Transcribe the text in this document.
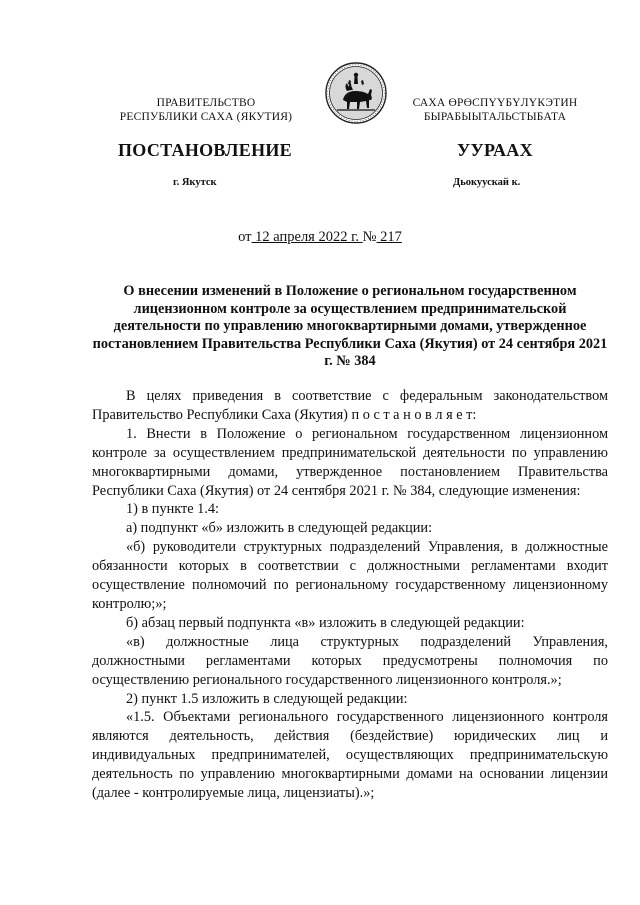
ПРАВИТЕЛЬСТВО
РЕСПУБЛИКИ САХА (ЯКУТИЯ)
САХА ӨРӨСПҮҮБҮЛҮКЭТИН
БЫРАБЫЫТАЛЬСТЫБАТА
ПОСТАНОВЛЕНИЕ	УУРААХ
г. Якутск	Дьокуускай к.
от 12 апреля 2022 г. № 217
О внесении изменений в Положение о региональном государственном лицензионном контроле за осуществлением предпринимательской деятельности по управлению многоквартирными домами, утвержденное постановлением Правительства Республики Саха (Якутия) от 24 сентября 2021 г. № 384

В целях приведения в соответствие с федеральным законодательством Правительство Республики Саха (Якутия) п о с т а н о в л я е т:

1. Внести в Положение о региональном государственном лицензионном контроле за осуществлением предпринимательской деятельности по управлению многоквартирными домами, утвержденное постановлением Правительства Республики Саха (Якутия) от 24 сентября 2021 г. № 384, следующие изменения:

1) в пункте 1.4:

а) подпункт «б» изложить в следующей редакции:

«б) руководители структурных подразделений Управления, в должностные обязанности которых в соответствии с должностными регламентами входит осуществление полномочий по региональному государственному лицензионному контролю;»;

б) абзац первый подпункта «в» изложить в следующей редакции:

«в) должностные лица структурных подразделений Управления, должностными регламентами которых предусмотрены полномочия по осуществлению регионального государственного лицензионного контроля.»;

2) пункт 1.5 изложить в следующей редакции:

«1.5. Объектами регионального государственного лицензионного контроля являются деятельность, действия (бездействие) юридических лиц и индивидуальных предпринимателей, осуществляющих предпринимательскую деятельность по управлению многоквартирными домами на основании лицензии (далее - контролируемые лица, лицензиаты).»;
